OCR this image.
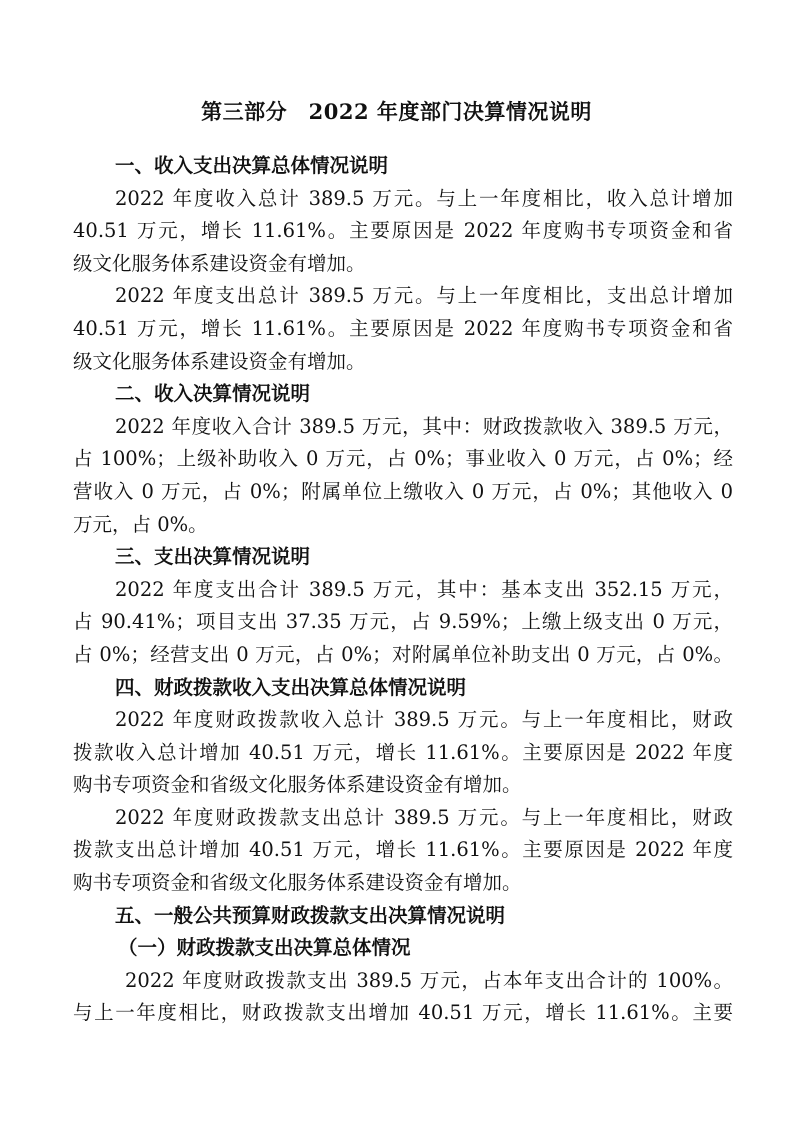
第三部分　2022 年度部门决算情况说明

一、收入支出决算总体情况说明

2022 年度收入总计 389.5 万元。与上一年度相比，收入总计增加

40.51 万元，增长 11.61%。主要原因是 2022 年度购书专项资金和省

级文化服务体系建设资金有增加。

2022 年度支出总计 389.5 万元。与上一年度相比，支出总计增加

40.51 万元，增长 11.61%。主要原因是 2022 年度购书专项资金和省

级文化服务体系建设资金有增加。

二、收入决算情况说明

2022 年度收入合计 389.5 万元，其中：财政拨款收入 389.5 万元，

占 100%；上级补助收入 0 万元，占 0%；事业收入 0 万元，占 0%；经

营收入 0 万元，占 0%；附属单位上缴收入 0 万元，占 0%；其他收入 0

万元，占 0%。

三、支出决算情况说明

2022 年度支出合计 389.5 万元，其中：基本支出 352.15 万元，

占 90.41%；项目支出 37.35 万元，占 9.59%；上缴上级支出 0 万元，

占 0%；经营支出 0 万元，占 0%；对附属单位补助支出 0 万元，占 0%。

四、财政拨款收入支出决算总体情况说明

2022 年度财政拨款收入总计 389.5 万元。与上一年度相比，财政

拨款收入总计增加 40.51 万元，增长 11.61%。主要原因是 2022 年度

购书专项资金和省级文化服务体系建设资金有增加。

2022 年度财政拨款支出总计 389.5 万元。与上一年度相比，财政

拨款支出总计增加 40.51 万元，增长 11.61%。主要原因是 2022 年度

购书专项资金和省级文化服务体系建设资金有增加。

五、一般公共预算财政拨款支出决算情况说明

（一）财政拨款支出决算总体情况

2022 年度财政拨款支出 389.5 万元，占本年支出合计的 100%。

与上一年度相比，财政拨款支出增加 40.51 万元，增长 11.61%。主要
